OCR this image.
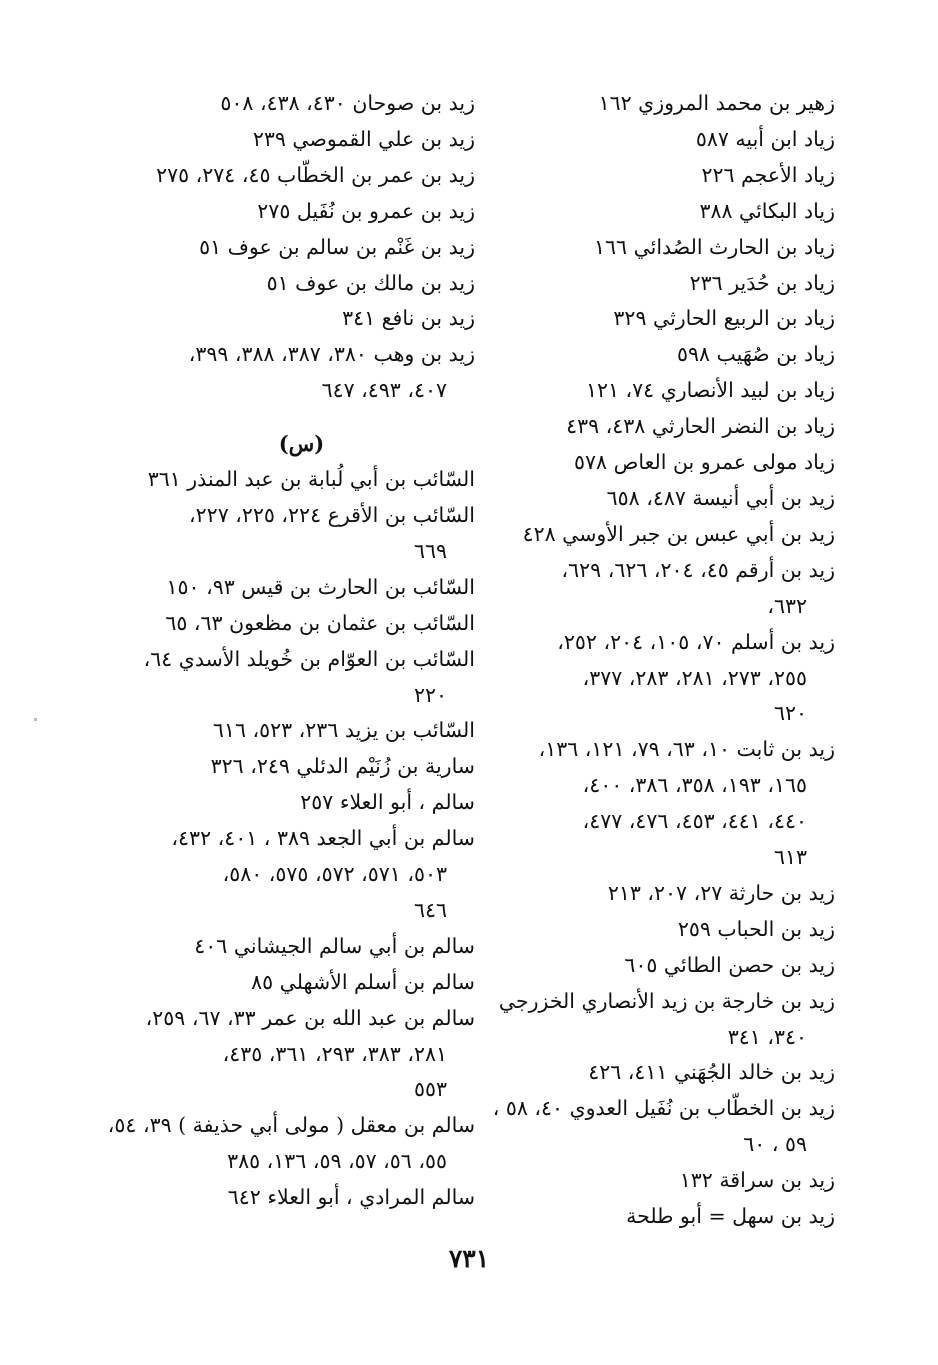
زهير بن محمد المروزي ١٦٢
زياد ابن أبيه ٥٨٧
زياد الأعجم ٢٢٦
زياد البكائي ٣٨٨
زياد بن الحارث الصُدائي ١٦٦
زياد بن حُدَير ٢٣٦
زياد بن الربيع الحارثي ٣٢٩
زياد بن صُهَيب ٥٩٨
زياد بن لبيد الأنصاري ٧٤، ١٢١
زياد بن النضر الحارثي ٤٣٨، ٤٣٩
زياد مولى عمرو بن العاص ٥٧٨
زيد بن أبي أنيسة ٤٨٧، ٦٥٨
زيد بن أبي عبس بن جبر الأوسي ٤٢٨
زيد بن أرقم ٤٥، ٢٠٤، ٦٢٦، ٦٢٩،
٦٣٢،
زيد بن أسلم ٧٠، ١٠٥، ٢٠٤، ٢٥٢،
٢٥٥، ٢٧٣، ٢٨١، ٢٨٣، ٣٧٧،
٦٢٠
زيد بن ثابت ١٠، ٦٣، ٧٩، ١٢١، ١٣٦،
١٦٥، ١٩٣، ٣٥٨، ٣٨٦، ٤٠٠،
٤٤٠، ٤٤١، ٤٥٣، ٤٧٦، ٤٧٧،
٦١٣
زيد بن حارثة ٢٧، ٢٠٧، ٢١٣
زيد بن الحباب ٢٥٩
زيد بن حصن الطائي ٦٠٥
زيد بن خارجة بن زيد الأنصاري الخزرجي
٣٤٠، ٣٤١
زيد بن خالد الجُهَني ٤١١، ٤٢٦
زيد بن الخطّاب بن نُفَيل العدوي ٤٠، ٥٨ ،
٥٩ ، ٦٠
زيد بن سراقة ١٣٢
زيد بن سهل = أبو طلحة
زيد بن صوحان ٤٣٠، ٤٣٨، ٥٠٨
زيد بن علي القموصي ٢٣٩
زيد بن عمر بن الخطّاب ٤٥، ٢٧٤، ٢٧٥
زيد بن عمرو بن نُفَيل ٢٧٥
زيد بن غَنْم بن سالم بن عوف ٥١
زيد بن مالك بن عوف ٥١
زيد بن نافع ٣٤١
زيد بن وهب ٣٨٠، ٣٨٧، ٣٨٨، ٣٩٩،
٤٠٧، ٤٩٣، ٦٤٧
(س)
السّائب بن أبي لُبابة بن عبد المنذر ٣٦١
السّائب بن الأقرع ٢٢٤، ٢٢٥، ٢٢٧،
٦٦٩
السّائب بن الحارث بن قيس ٩٣، ١٥٠
السّائب بن عثمان بن مظعون ٦٣، ٦٥
السّائب بن العوّام بن خُويلد الأسدي ٦٤،
٢٢٠
السّائب بن يزيد ٢٣٦، ٥٢٣، ٦١٦
سارية بن زُنَيْم الدئلي ٢٤٩، ٣٢٦
سالم ، أبو العلاء ٢٥٧
سالم بن أبي الجعد ٣٨٩ ، ٤٠١، ٤٣٢،
٥٠٣، ٥٧١، ٥٧٢، ٥٧٥، ٥٨٠،
٦٤٦
سالم بن أبي سالم الجيشاني ٤٠٦
سالم بن أسلم الأشهلي ٨٥
سالم بن عبد الله بن عمر ٣٣، ٦٧، ٢٥٩،
٢٨١، ٣٨٣، ٢٩٣، ٣٦١، ٤٣٥،
٥٥٣
سالم بن معقل ( مولى أبي حذيفة ) ٣٩، ٥٤،
٥٥، ٥٦، ٥٧، ٥٩، ١٣٦، ٣٨٥
سالم المرادي ، أبو العلاء ٦٤٢
٧٣١
